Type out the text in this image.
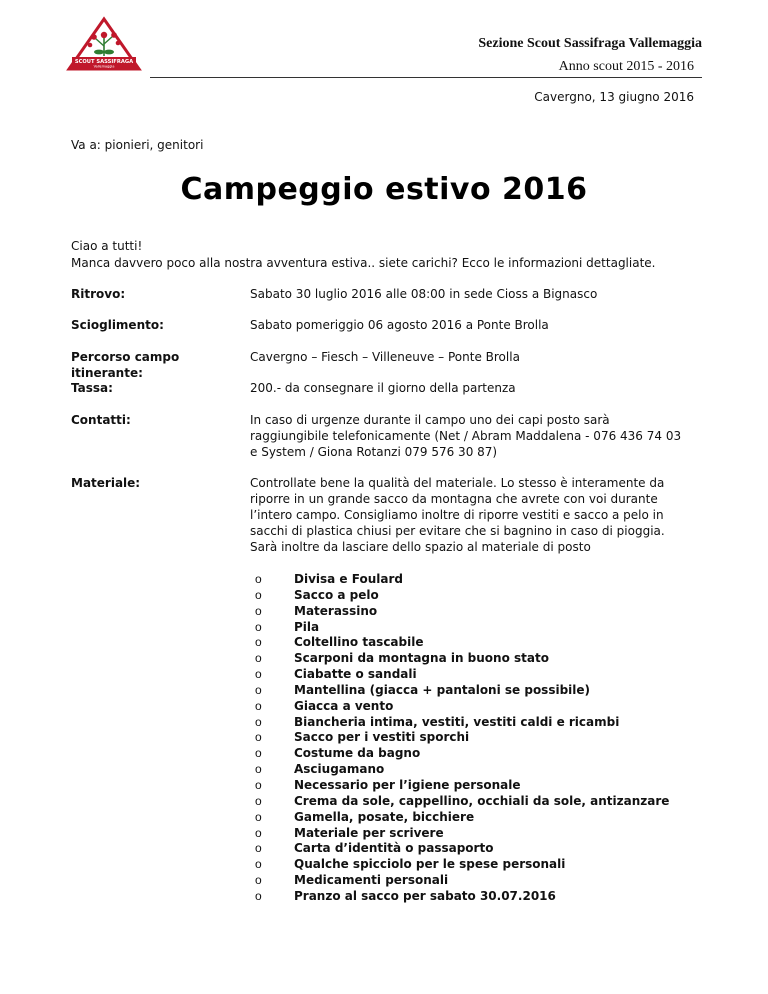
SCOUT SASSIFRAGA
Vallemaggia
Sezione Scout Sassifraga Vallemaggia
Anno scout 2015 - 2016
Cavergno, 13 giugno 2016
Va a: pionieri, genitori
Campeggio estivo 2016
Ciao a tutti!
Manca davvero poco alla nostra avventura estiva.. siete carichi? Ecco le informazioni dettagliate.
Ritrovo:	Sabato 30 luglio 2016 alle 08:00 in sede Cioss a Bignasco
Scioglimento:	Sabato pomeriggio 06 agosto 2016 a Ponte Brolla
Percorso campo itinerante:
Cavergno – Fiesch – Villeneuve – Ponte Brolla
Tassa:	200.- da consegnare il giorno della partenza
Contatti:	In caso di urgenze durante il campo uno dei capi posto sarà raggiungibile telefonicamente (Net / Abram Maddalena - 076 436 74 03 e System / Giona Rotanzi 079 576 30 87)
Materiale:	Controllate bene la qualità del materiale. Lo stesso è interamente da riporre in un grande sacco da montagna che avrete con voi durante l’intero campo. Consigliamo inoltre di riporre vestiti e sacco a pelo in sacchi di plastica chiusi per evitare che si bagnino in caso di pioggia. Sarà inoltre da lasciare dello spazio al materiale di posto
o	Divisa e Foulard
o	Sacco a pelo
o	Materassino
o	Pila
o	Coltellino tascabile
o	Scarponi da montagna in buono stato
o	Ciabatte o sandali
o	Mantellina (giacca + pantaloni se possibile)
o	Giacca a vento
o	Biancheria intima, vestiti, vestiti caldi e ricambi
o	Sacco per i vestiti sporchi
o	Costume da bagno
o	Asciugamano
o	Necessario per l’igiene personale
o	Crema da sole, cappellino, occhiali da sole, antizanzare
o	Gamella, posate, bicchiere
o	Materiale per scrivere
o	Carta d’identità o passaporto
o	Qualche spicciolo per le spese personali
o	Medicamenti personali
o	Pranzo al sacco per sabato 30.07.2016
